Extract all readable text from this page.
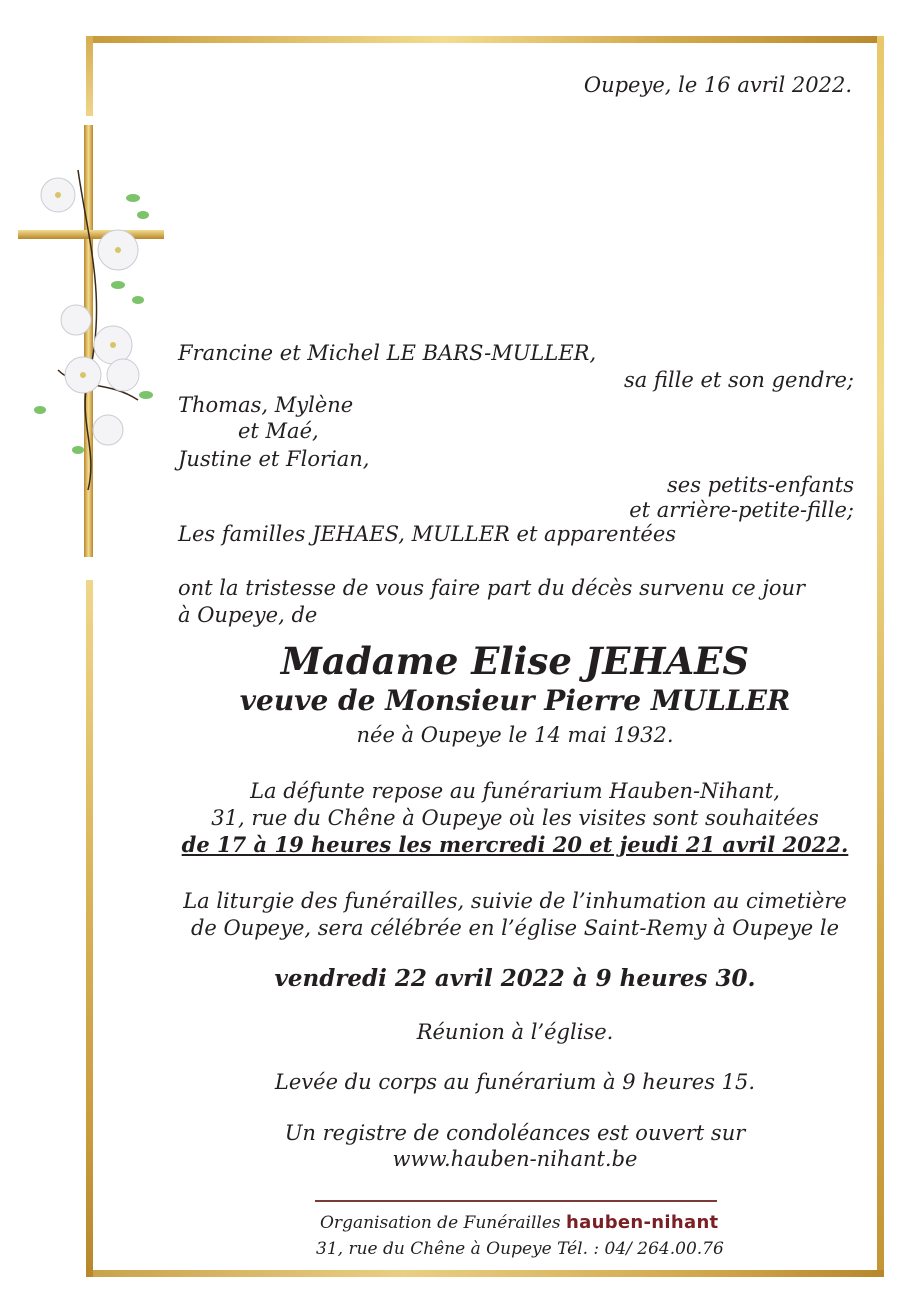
Oupeye, le 16 avril 2022.
Francine et Michel LE BARS-MULLER,
sa fille et son gendre;
Thomas, Mylène
et Maé,
Justine et Florian,
ses petits-enfants
et arrière-petite-fille;
Les familles JEHAES, MULLER et apparentées
ont la tristesse de vous faire part du décès survenu ce jour
à Oupeye, de
Madame Elise JEHAES
veuve de Monsieur Pierre MULLER
née à Oupeye le 14 mai 1932.
La défunte repose au funérarium Hauben-Nihant,
31, rue du Chêne à Oupeye où les visites sont souhaitées
de 17 à 19 heures les mercredi 20 et jeudi 21 avril 2022.
La liturgie des funérailles, suivie de l’inhumation au cimetière
de Oupeye, sera célébrée en l’église Saint-Remy à Oupeye le
vendredi 22 avril 2022 à 9 heures 30.
Réunion à l’église.
Levée du corps au funérarium à 9 heures 15.
Un registre de condoléances est ouvert sur
www.hauben-nihant.be
Organisation de Funérailles hauben-nihant
31, rue du Chêne à Oupeye Tél. : 04/ 264.00.76
